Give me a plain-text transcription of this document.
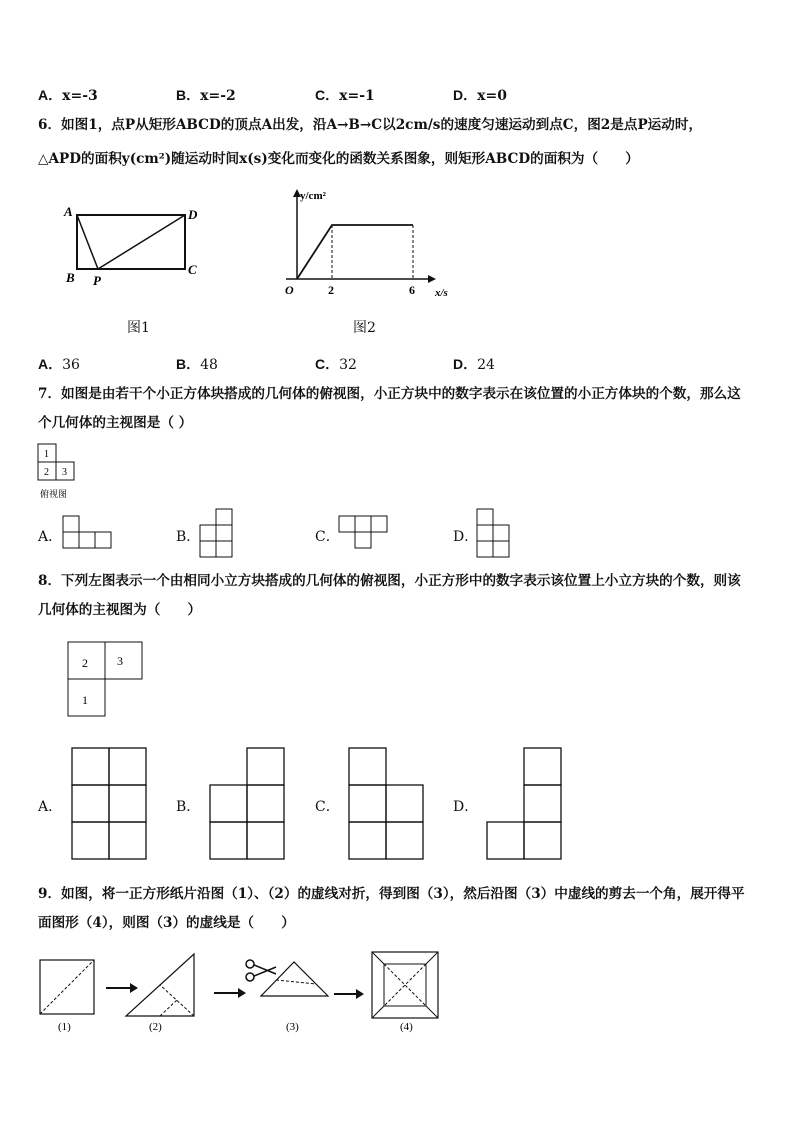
A．x=-3	B．x=-2	C．x=-1	D．x=0
6．如图1，点P从矩形ABCD的顶点A出发，沿A→B→C以2cm/s的速度匀速运动到点C，图2是点P运动时，
△APD的面积y(cm²)随运动时间x(s)变化而变化的函数关系图象，则矩形ABCD的面积为（　　）
A
B P
C
D
y/cm²
x/s
O	2	6
图1	图2
A．36	B．48	C．32	D．24
7．如图是由若干个小正方体块搭成的几何体的俯视图，小正方块中的数字表示在该位置的小正方体块的个数，那么这
个几何体的主视图是（ ）
1
2 3
俯视图
A．	B．	C．	D．
8．下列左图表示一个由相同小立方块搭成的几何体的俯视图，小正方形中的数字表示该位置上小立方块的个数，则该
几何体的主视图为（　　）
2 3
1
A．	B．	C．	D．
9．如图，将一正方形纸片沿图（1）、（2）的虚线对折，得到图（3），然后沿图（3）中虚线的剪去一个角，展开得平
面图形（4），则图（3）的虚线是（　　）
(1)	(2)	(3)	(4)
